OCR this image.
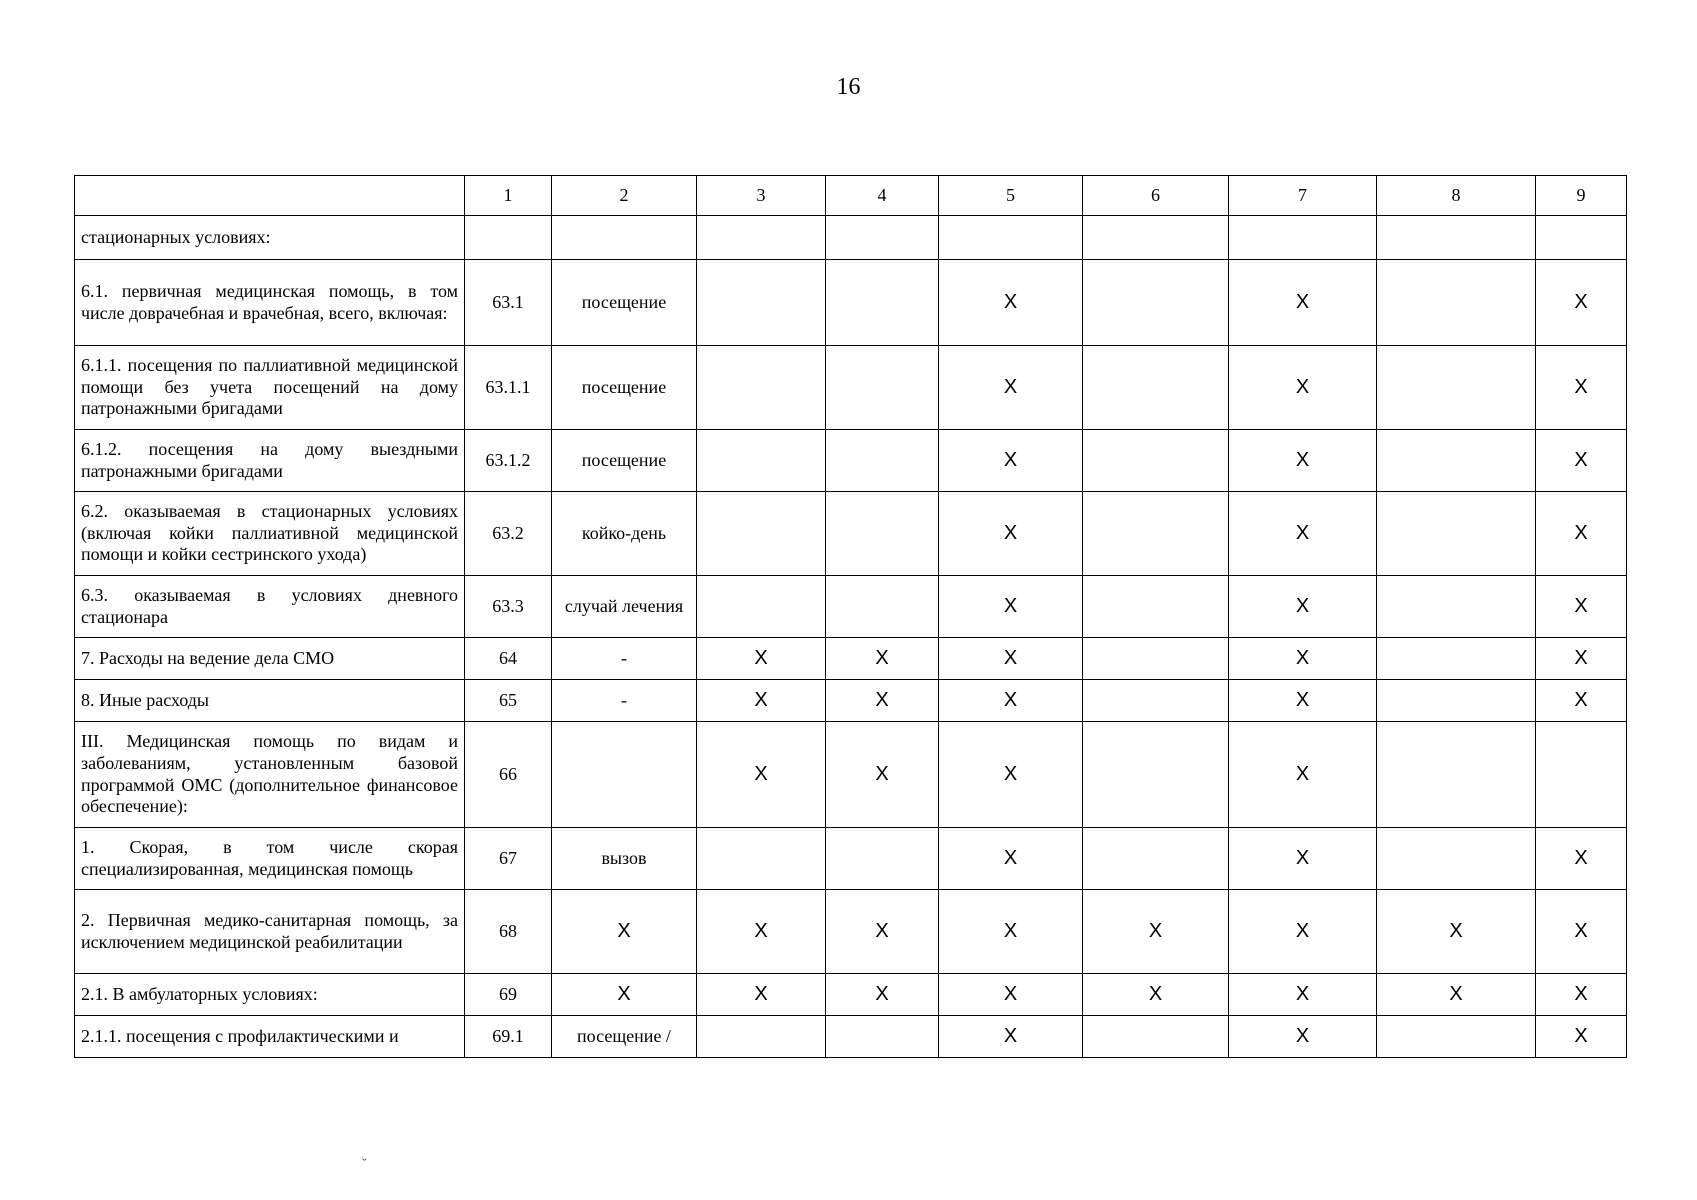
16
	1	2	3	4	5	6	7	8	9
стационарных условиях:									
6.1. первичная медицинская помощь, в том числе доврачебная и врачебная, всего, включая:	63.1	посещение			X		X		X
6.1.1. посещения по паллиативной медицинской помощи без учета посещений на дому патронажными бригадами	63.1.1	посещение			X		X		X
6.1.2. посещения на дому выездными патронажными бригадами	63.1.2	посещение			X		X		X
6.2. оказываемая в стационарных условиях (включая койки паллиативной медицинской помощи и койки сестринского ухода)	63.2	койко-день			X		X		X
6.3. оказываемая в условиях дневного стационара	63.3	случай лечения			X		X		X
7. Расходы на ведение дела СМО	64	-	X	X	X		X		X
8. Иные расходы	65	-	X	X	X		X		X
III. Медицинская помощь по видам и заболеваниям, установленным базовой программой ОМС (дополнительное финансовое обеспечение):	66		X	X	X		X		
1. Скорая, в том числе скорая специализированная, медицинская помощь	67	вызов			X		X		X
2. Первичная медико-санитарная помощь, за исключением медицинской реабилитации	68	X	X	X	X	X	X	X	X
2.1. В амбулаторных условиях:	69	X	X	X	X	X	X	X	X
2.1.1. посещения с профилактическими и	69.1	посещение /			X		X		X
ˇ
